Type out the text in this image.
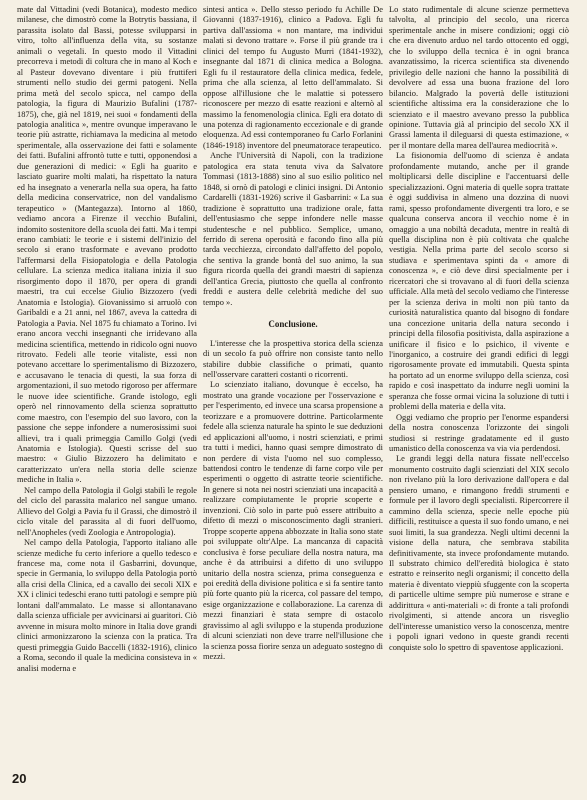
mate dal Vittadini (vedi Botanica), modesto medico milanese, che dimostrò come la Botrytis bassiana, il parassita isolato dal Bassi, potesse svilupparsi in vitro, tolto all'influenza della vita, su sostanze animali o vegetali. In questo modo il Vittadini precorreva i metodi di coltura che in mano al Koch e al Pasteur dovevano diventare i più fruttiferi strumenti nello studio dei germi patogeni. Nella prima metà del secolo spicca, nel campo della patologia, la figura di Maurizio Bufalini (1787-1875), che, già nel 1819, nei suoi « fondamenti della patologia analitica », mentre ovunque imperavano le teorie più astratte, richiamava la medicina al metodo sperimentale, alla osservazione dei fatti e solamente dei fatti. Bufalini affrontò tutte e tutti, opponendosi a due generazioni di medici: « Egli ha guarito e lasciato guarire molti malati, ha rispettato la natura ed ha insegnato a venerarla nella sua opera, ha fatto della medicina conservatrice, non del vandalismo terapeutico » (Mantegazza). Intorno al 1860, vediamo ancora a Firenze il vecchio Bufalini, indomito sostenitore della scuola dei fatti. Ma i tempi erano cambiati: le teorie e i sistemi dell'inizio del secolo si erano trasformate e avevano prodotto l'affermarsi della Fisiopatologia e della Patologia cellulare. La scienza medica italiana inizia il suo risorgimento dopo il 1870, per opera di grandi maestri, tra cui eccelse Giulio Bizzozero (vedi Anatomia e Istologia). Giovanissimo si arruolò con Garibaldi e a 21 anni, nel 1867, aveva la cattedra di Patologia a Pavia. Nel 1875 fu chiamato a Torino. Ivi erano ancora vecchi insegnanti che irridevano alla medicina scientifica, mettendo in ridicolo ogni nuovo ritrovato. Fedeli alle teorie vitaliste, essi non potevano accettare lo sperimentalismo di Bizzozero, e accusavano le tenacia di questi, la sua forza di argomentazioni, il suo metodo rigoroso per affermare le nuove idee scientifiche. Grande istologo, egli operò nel rinnovamento della scienza soprattutto come maestro, con l'esempio del suo lavoro, con la passione che seppe infondere a numerosissimi suoi allievi, tra i quali primeggia Camillo Golgi (vedi Anatomia e Istologia). Questi scrisse del suo maestro: « Giulio Bizzozero ha delimitato e caratterizzato un'era nella storia delle scienze mediche in Italia ».

Nel campo della Patologia il Golgi stabilì le regole del ciclo del parassita malarico nel sangue umano. Allievo del Golgi a Pavia fu il Grassi, che dimostrò il ciclo vitale del parassita al di fuori dell'uomo, nell'Anopheles (vedi Zoologia e Antropologia).

Nel campo della Patologia, l'apporto italiano alle scienze mediche fu certo inferiore a quello tedesco e francese ma, come nota il Gasbarrini, dovunque, specie in Germania, lo sviluppo della Patologia portò alla crisi della Clinica, ed a cavallo dei secoli XIX e XX i clinici tedeschi erano tutti patologi e sempre più lontani dall'ammalato. Le masse si allontanavano dalla scienza ufficiale per avvicinarsi ai guaritori. Ciò avvenne in misura molto minore in Italia dove grandi clinici armonizzarono la scienza con la pratica. Tra questi primeggia Guido Baccelli (1832-1916), clinico a Roma, secondo il quale la medicina consisteva in « analisi moderna e

sintesi antica ». Dello stesso periodo fu Achille De Giovanni (1837-1916), clinico a Padova. Egli fu partiva dall'assioma « non mantare, ma individui malati si devono trattare ». Forse il più grande tra i clinici del tempo fu Augusto Murri (1841-1932), insegnante dal 1871 di clinica medica a Bologna. Egli fu il restauratore della clinica medica, fedele, prima che alla scienza, al letto dell'ammalato. Si oppose all'illusione che le malattie si potessero riconoscere per mezzo di esatte reazioni e alternò al massimo la fenomenologia clinica. Egli era dotato di una potenza di ragionamento eccezionale e di grande eloquenza. Ad essi contemporaneo fu Carlo Forlanini (1846-1918) inventore del pneumatorace terapeutico.

Anche l'Università di Napoli, con la tradizione patologica era stata tenuta viva da Salvatore Tommasi (1813-1888) sino al suo esilio politico nel 1848, si ornò di patologi e clinici insigni. Di Antonio Cardarelli (1831-1926) scrive il Gasbarrini: « La sua tradizione è soprattutto una tradizione orale, fatta dell'entusiasmo che seppe infondere nelle masse studentesche e nel pubblico. Semplice, umano, ferrido di serena operosità e facondo fino alla più tarda vecchiezza, circondato dall'affetto del popolo, che sentiva la grande bontà del suo animo, la sua figura ricorda quella dei grandi maestri di sapienza dell'antica Grecia, piuttosto che quella al confronto freddi e austera delle celebrità mediche del suo tempo ».

Conclusione.

L'interesse che la prospettiva storica della scienza di un secolo fa può offrire non consiste tanto nello stabilire dubbie classifiche o primati, quanto nell'osservare caratteri costanti o ricorrenti.

Lo scienziato italiano, dovunque è eccelso, ha mostrato una grande vocazione per l'osservazione e per l'esperimento, ed invece una scarsa propensione a teorizzare e a promuovere dottrine. Particolarmente fedele alla scienza naturale ha spinto le sue deduzioni ed applicazioni all'uomo, i nostri scienziati, e primi tra tutti i medici, hanno quasi sempre dimostrato di non perdere di vista l'uomo nel suo complesso, battendosi contro le tendenze di farne corpo vile per esperimenti o oggetto di astratte teorie scientifiche. In genere si nota nei nostri scienziati una incapacità a realizzare compiutamente le proprie scoperte e invenzioni. Ciò solo in parte può essere attribuito a difetto di mezzi o misconoscimento dagli stranieri. Troppe scoperte appena abbozzate in Italia sono state poi sviluppate oltr'Alpe. La mancanza di capacità conclusiva è forse peculiare della nostra natura, ma anche è da attribuirsi a difetto di uno sviluppo unitario della nostra scienza, prima conseguenza e poi eredità della divisione politica e si fa sentire tanto più forte quanto più la ricerca, col passare del tempo, esige organizzazione e collaborazione. La carenza di mezzi finanziari è stata sempre di ostacolo gravissimo al agli sviluppo e la stupenda produzione di alcuni scienziati non deve trarre nell'illusione che la scienza possa fiorire senza un adeguato sostegno di mezzi.

Lo stato rudimentale di alcune scienze permetteva talvolta, al principio del secolo, una ricerca sperimentale anche in misere condizioni; oggi ciò che era divenuto arduo nel tardo ottocento ed oggi, che lo sviluppo della tecnica è in ogni branca avanzatissimo, la ricerca scientifica sta divenendo privilegio delle nazioni che hanno la possibilità di devolvere ad essa una buona frazione del loro bilancio. Malgrado la povertà delle istituzioni scientifiche altissima era la considerazione che lo scienziato e il maestro avevano presso la pubblica opinione. Tuttavia già al principio del secolo XX il Grassi lamenta il dileguarsi di questa estimazione, « per il montare della marea dell'aurea mediocrità ».

La fisionomia dell'uomo di scienza è andata profondamente mutando, anche per il grande moltiplicarsi delle discipline e l'accentuarsi delle specializzazioni. Ogni materia di quelle sopra trattate è oggi suddivisa in almeno una dozzina di nuovi rami, spesso profondamente divergenti tra loro, e se qualcuna conserva ancora il vecchio nome è in omaggio a una nobiltà decaduta, mentre in realtà di quella disciplina non è più coltivata che qualche vestigia. Nella prima parte del secolo scorso si studiava e sperimentava spinti da « amore di conoscenza », e ciò deve dirsi specialmente per i ricercatori che si trovavano al di fuori della scienza ufficiale. Alla metà del secolo vediamo che l'interesse per la scienza deriva in molti non più tanto da curiosità naturalistica quanto dal bisogno di fondare una concezione unitaria della natura secondo i principi della filosofia positivista, dalla aspirazione a unificare il fisico e lo psichico, il vivente e l'inorganico, a costruire dei grandi edifici di leggi rigorosamente provate ed immutabili. Questa spinta ha portato ad un enorme sviluppo della scienza, così rapido e così inaspettato da indurre negli uomini la speranza che fosse ormai vicina la soluzione di tutti i problemi della materia e della vita.

Oggi vediamo che proprio per l'enorme espandersi della nostra conoscenza l'orizzonte dei singoli studiosi si restringe gradatamente ed il gusto umanistico della conoscenza va via via perdendosi.

Le grandi leggi della natura fissate nell'eccelso monumento costruito dagli scienziati del XIX secolo non rivelano più la loro derivazione dall'opera e dal pensiero umano, e rimangono freddi strumenti e formule per il lavoro degli specialisti. Ripercorrere il cammino della scienza, specie nelle epoche più difficili, restituisce a questa il suo fondo umano, e nei suoi limiti, la sua grandezza. Negli ultimi decenni la visione della natura, che sembrava stabilita definitivamente, sta invece profondamente mutando. Il substrato chimico dell'eredità biologica è stato estratto e reinserito negli organismi; il concetto della materia è diventato vieppiù sfuggente con la scoperta di particelle ultime sempre più numerose e strane e addirittura « anti-materiali »: di fronte a tali profondi rivolgimenti, si attende ancora un risveglio dell'interesse umanistico verso la conoscenza, mentre i popoli ignari vedono in queste grandi recenti conquiste solo lo spettro di spaventose applicazioni.

20
